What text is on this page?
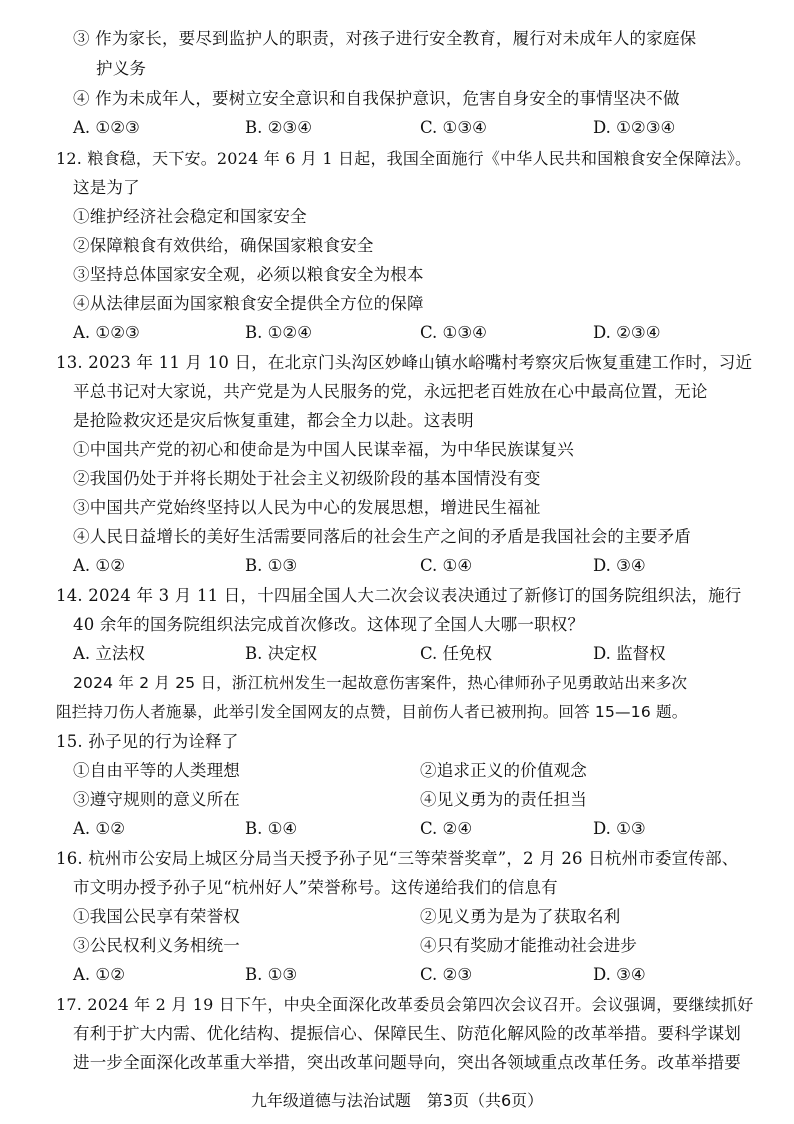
③ 作为家长，要尽到监护人的职责，对孩子进行安全教育，履行对未成年人的家庭保
护义务
④ 作为未成年人，要树立安全意识和自我保护意识，危害自身安全的事情坚决不做
A. ①②③	B. ②③④	C. ①③④	D. ①②③④
12. 粮食稳，天下安。2024 年 6 月 1 日起，我国全面施行《中华人民共和国粮食安全保障法》。
这是为了
①维护经济社会稳定和国家安全
②保障粮食有效供给，确保国家粮食安全
③坚持总体国家安全观，必须以粮食安全为根本
④从法律层面为国家粮食安全提供全方位的保障
A. ①②③	B. ①②④	C. ①③④	D. ②③④
13. 2023 年 11 月 10 日，在北京门头沟区妙峰山镇水峪嘴村考察灾后恢复重建工作时，习近
平总书记对大家说，共产党是为人民服务的党，永远把老百姓放在心中最高位置，无论
是抢险救灾还是灾后恢复重建，都会全力以赴。这表明
①中国共产党的初心和使命是为中国人民谋幸福，为中华民族谋复兴
②我国仍处于并将长期处于社会主义初级阶段的基本国情没有变
③中国共产党始终坚持以人民为中心的发展思想，增进民生福祉
④人民日益增长的美好生活需要同落后的社会生产之间的矛盾是我国社会的主要矛盾
A. ①②	B. ①③	C. ①④	D. ③④
14. 2024 年 3 月 11 日，十四届全国人大二次会议表决通过了新修订的国务院组织法，施行
40 余年的国务院组织法完成首次修改。这体现了全国人大哪一职权？
A. 立法权	B. 决定权	C. 任免权	D. 监督权
2024 年 2 月 25 日，浙江杭州发生一起故意伤害案件，热心律师孙子见勇敢站出来多次
阻拦持刀伤人者施暴，此举引发全国网友的点赞，目前伤人者已被刑拘。回答 15—16 题。
15. 孙子见的行为诠释了
①自由平等的人类理想	②追求正义的价值观念
③遵守规则的意义所在	④见义勇为的责任担当
A. ①②	B. ①④	C. ②④	D. ①③
16. 杭州市公安局上城区分局当天授予孙子见“三等荣誉奖章”，2 月 26 日杭州市委宣传部、
市文明办授予孙子见“杭州好人”荣誉称号。这传递给我们的信息有
①我国公民享有荣誉权	②见义勇为是为了获取名利
③公民权利义务相统一	④只有奖励才能推动社会进步
A. ①②	B. ①③	C. ②③	D. ③④
17. 2024 年 2 月 19 日下午，中央全面深化改革委员会第四次会议召开。会议强调，要继续抓好
有利于扩大内需、优化结构、提振信心、保障民生、防范化解风险的改革举措。要科学谋划
进一步全面深化改革重大举措，突出改革问题导向，突出各领域重点改革任务。改革举措要
九年级道德与法治试题　第3页（共6页）
